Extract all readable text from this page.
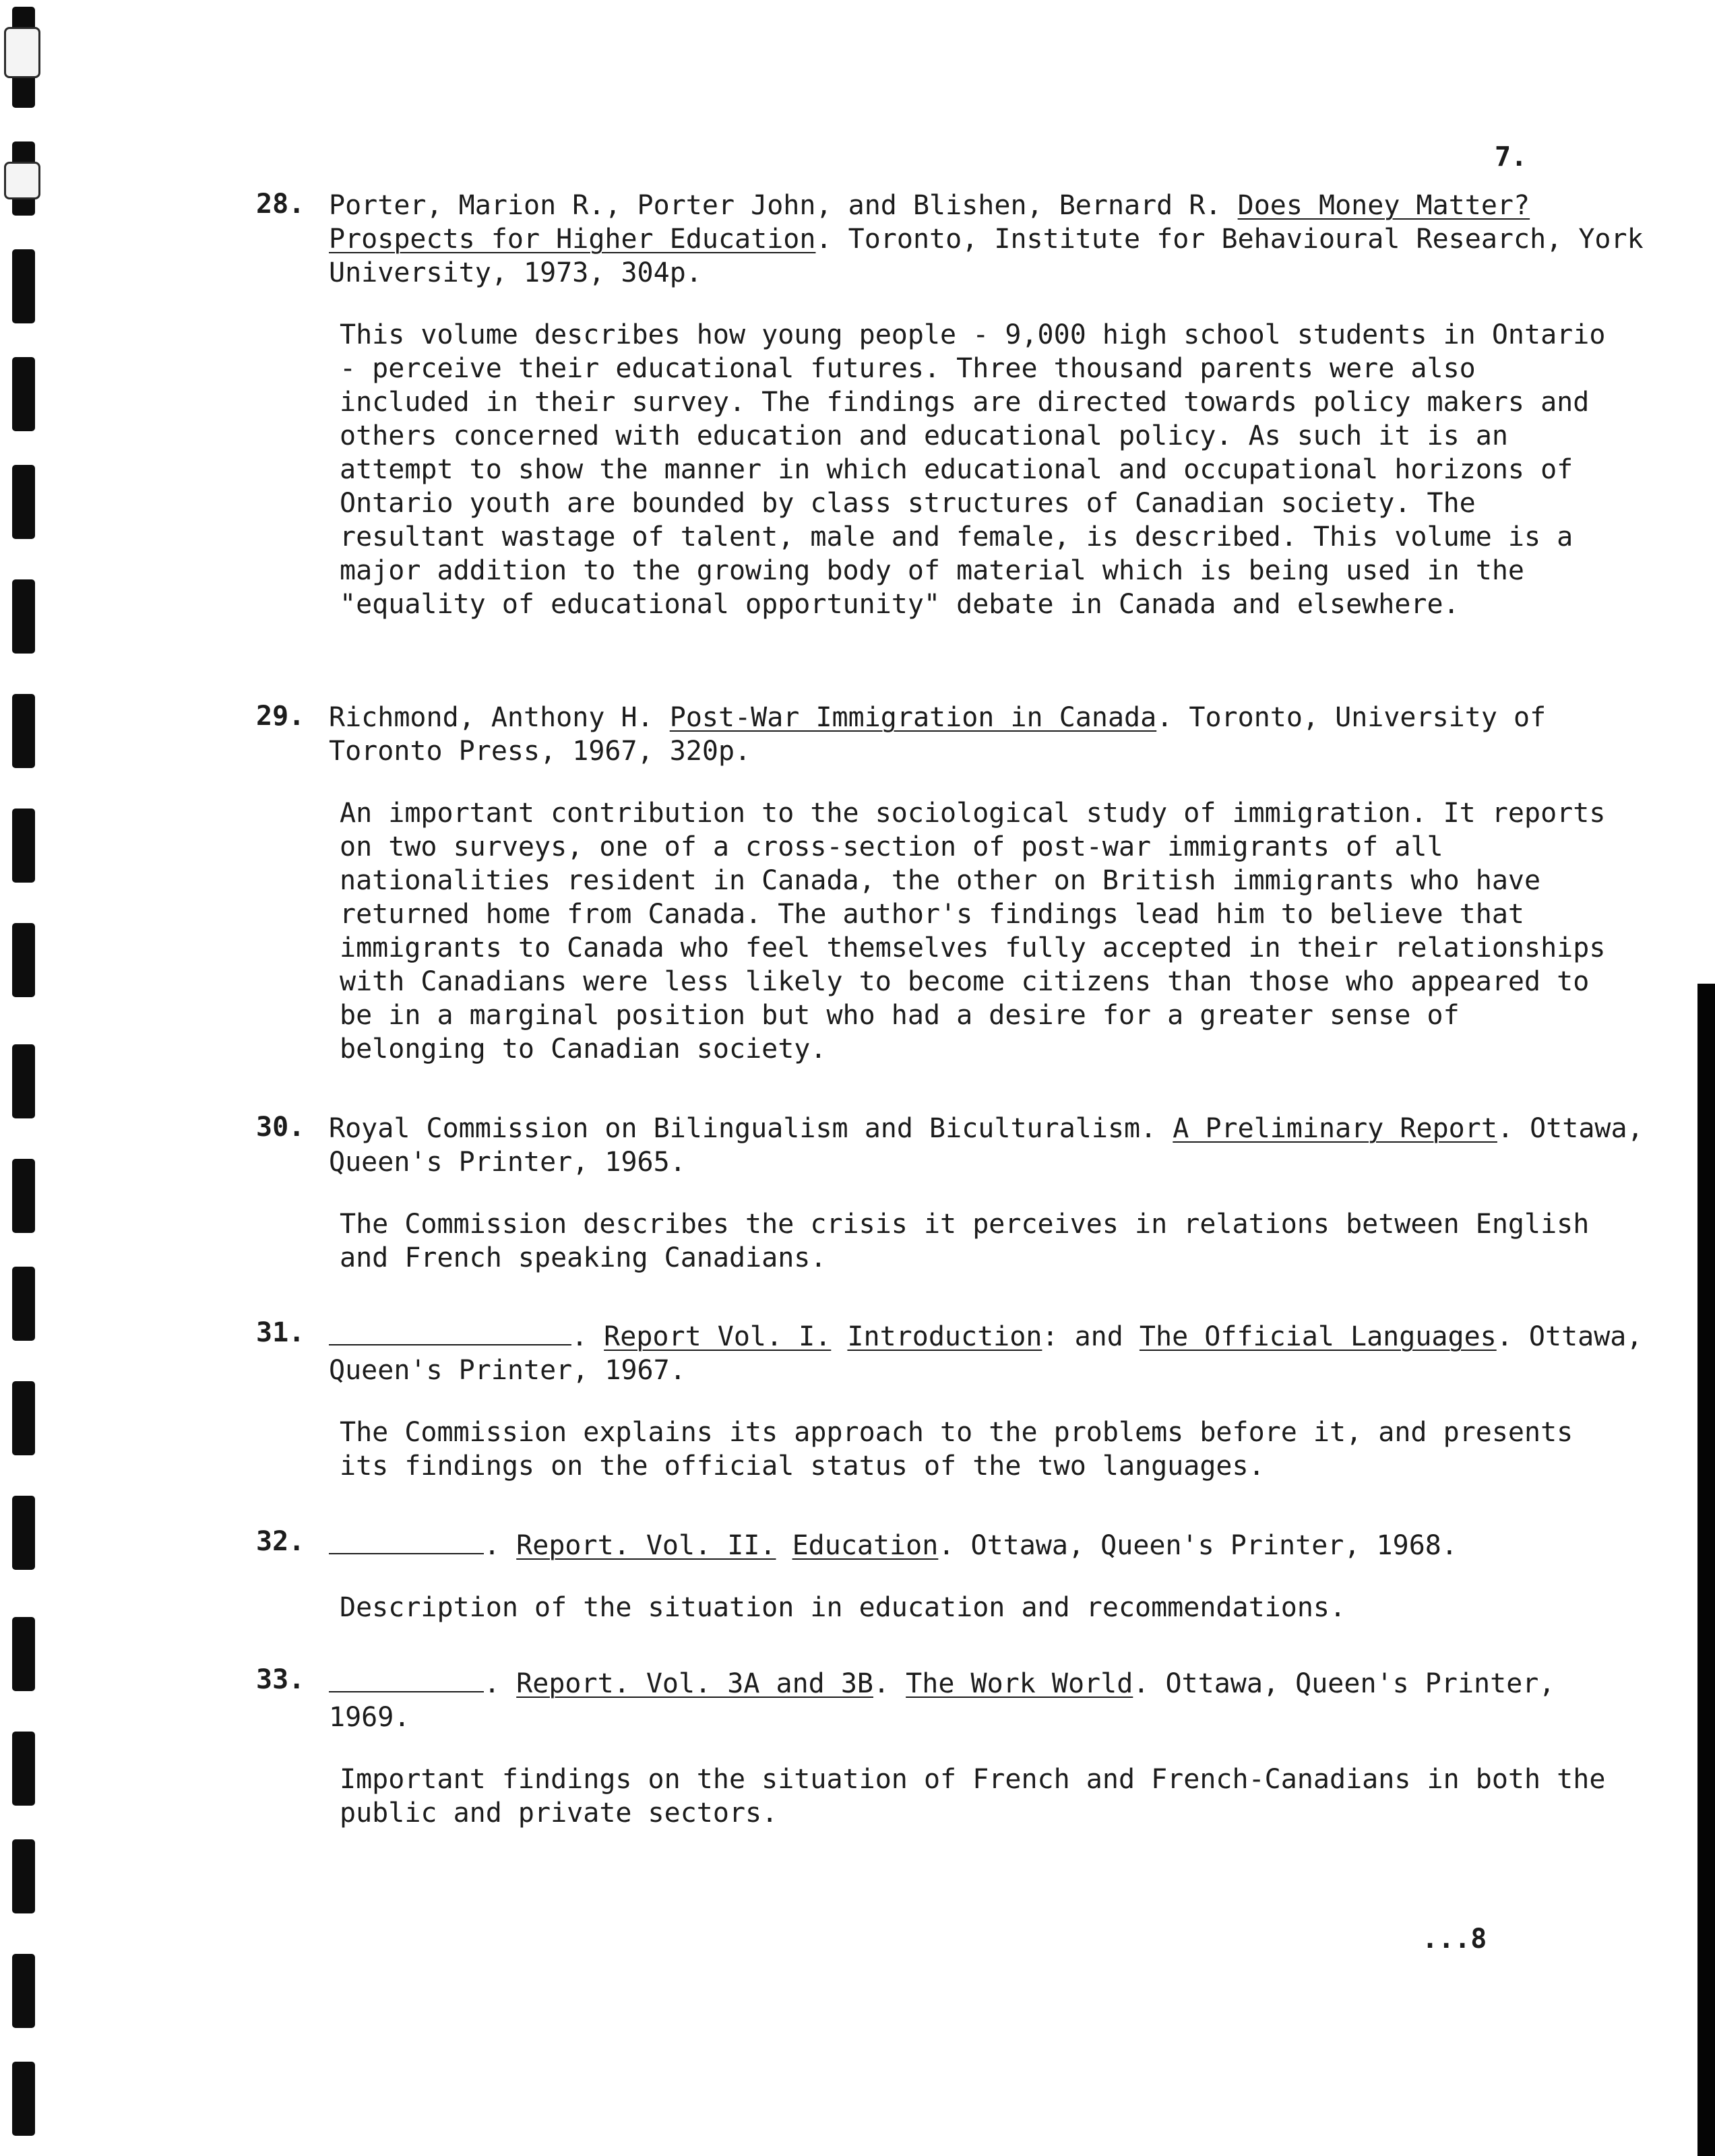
7.

28. Porter, Marion R., Porter John, and Blishen, Bernard R. Does Money Matter? Prospects for Higher Education. Toronto, Institute for Behavioural Research, York University, 1973, 304p.

This volume describes how young people - 9,000 high school students in Ontario - perceive their educational futures. Three thousand parents were also included in their survey. The findings are directed towards policy makers and others concerned with education and educational policy. As such it is an attempt to show the manner in which educational and occupational horizons of Ontario youth are bounded by class structures of Canadian society. The resultant wastage of talent, male and female, is described. This volume is a major addition to the growing body of material which is being used in the "equality of educational opportunity" debate in Canada and elsewhere.

29. Richmond, Anthony H. Post-War Immigration in Canada. Toronto, University of Toronto Press, 1967, 320p.

An important contribution to the sociological study of immigration. It reports on two surveys, one of a cross-section of post-war immigrants of all nationalities resident in Canada, the other on British immigrants who have returned home from Canada. The author's findings lead him to believe that immigrants to Canada who feel themselves fully accepted in their relationships with Canadians were less likely to become citizens than those who appeared to be in a marginal position but who had a desire for a greater sense of belonging to Canadian society.

30. Royal Commission on Bilingualism and Biculturalism. A Preliminary Report. Ottawa, Queen's Printer, 1965.

The Commission describes the crisis it perceives in relations between English and French speaking Canadians.

31.	. Report Vol. I. Introduction: and The Official Languages. Ottawa, Queen's Printer, 1967.

The Commission explains its approach to the problems before it, and presents its findings on the official status of the two languages.

32.	. Report. Vol. II. Education. Ottawa, Queen's Printer, 1968.

Description of the situation in education and recommendations.

33.	. Report. Vol. 3A and 3B. The Work World. Ottawa, Queen's Printer, 1969.

Important findings on the situation of French and French-Canadians in both the public and private sectors.

...8
